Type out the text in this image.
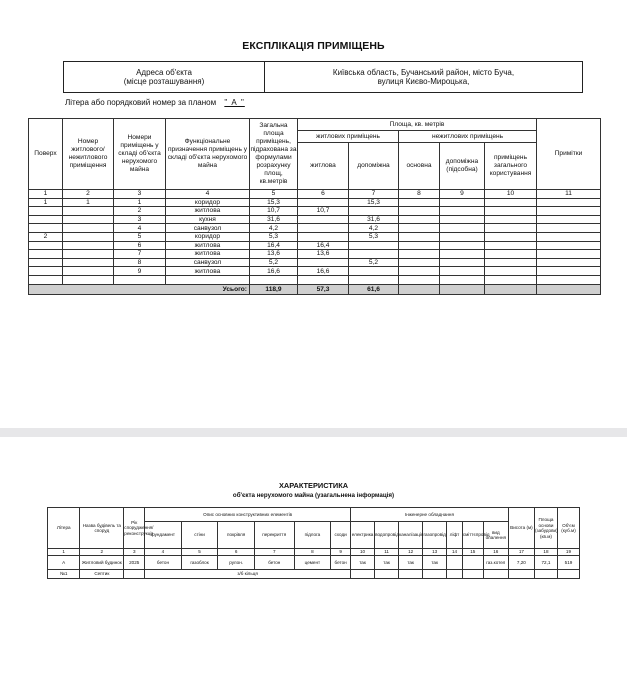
ЕКСПЛІКАЦІЯ ПРИМІЩЕНЬ
Адреса об'єкта
(місце розташування)
Київська область, Бучанський район, місто Буча,
вулиця Києво-Мироцька,
Літера або порядковий номер за планом " А "
Поверх	Номер житлового/ нежитлового приміщення	Номери приміщень у складі об'єкта нерухомого майна	Функціональне призначення приміщень у складі об'єкта нерухомого майна	Загальна площа приміщень, підрахована за формулами розрахунку площ, кв.метрів	Площа, кв. метрів					Примітки
					житлових приміщень		нежитлових приміщень			
					житлова	допоміжна	основна	допоміжна (підсобна)	приміщень загального користування	
1	2	3	4	5	6	7	8	9	10	11
1	1	1	коридор	15,3		15,3				
		2	житлова	10,7	10,7					
		3	кухня	31,6		31,6				
		4	санвузол	4,2		4,2				
2		5	коридор	5,3		5,3				
		6	житлова	16,4	16,4					
		7	житлова	13,6	13,6					
		8	санвузол	5,2		5,2				
		9	житлова	16,6	16,6					

Усього:				118,9	57,3	61,6				
ХАРАКТЕРИСТИКА
об'єкта нерухомого майна (узагальнена інформація)
Літера	Назва будівель та споруд	Рік спорудження/ реконструкції	Опис основних конструктивних елементів						Інженерне обладнання							Висота (м)	Площа основи (забудови) (кв.м)	Об'єм (куб.м)
			фундамент	стіни	покрівля	перекриття	підлога	сходи	електрика	водопровід	каналізація	газопровід	ліфт	сміттєпровід	вид опалення			
1	2	3	4	5	6	7	8	9	10	11	12	13	14	15	16	17	18	19
А	Житловий будинок	2025	бетон	газоблок	рулон.	бетон	цемент	бетон	так	так	так	так			газ.котел	7,20	72,1	519
№1	Септик		з/б кільця															
